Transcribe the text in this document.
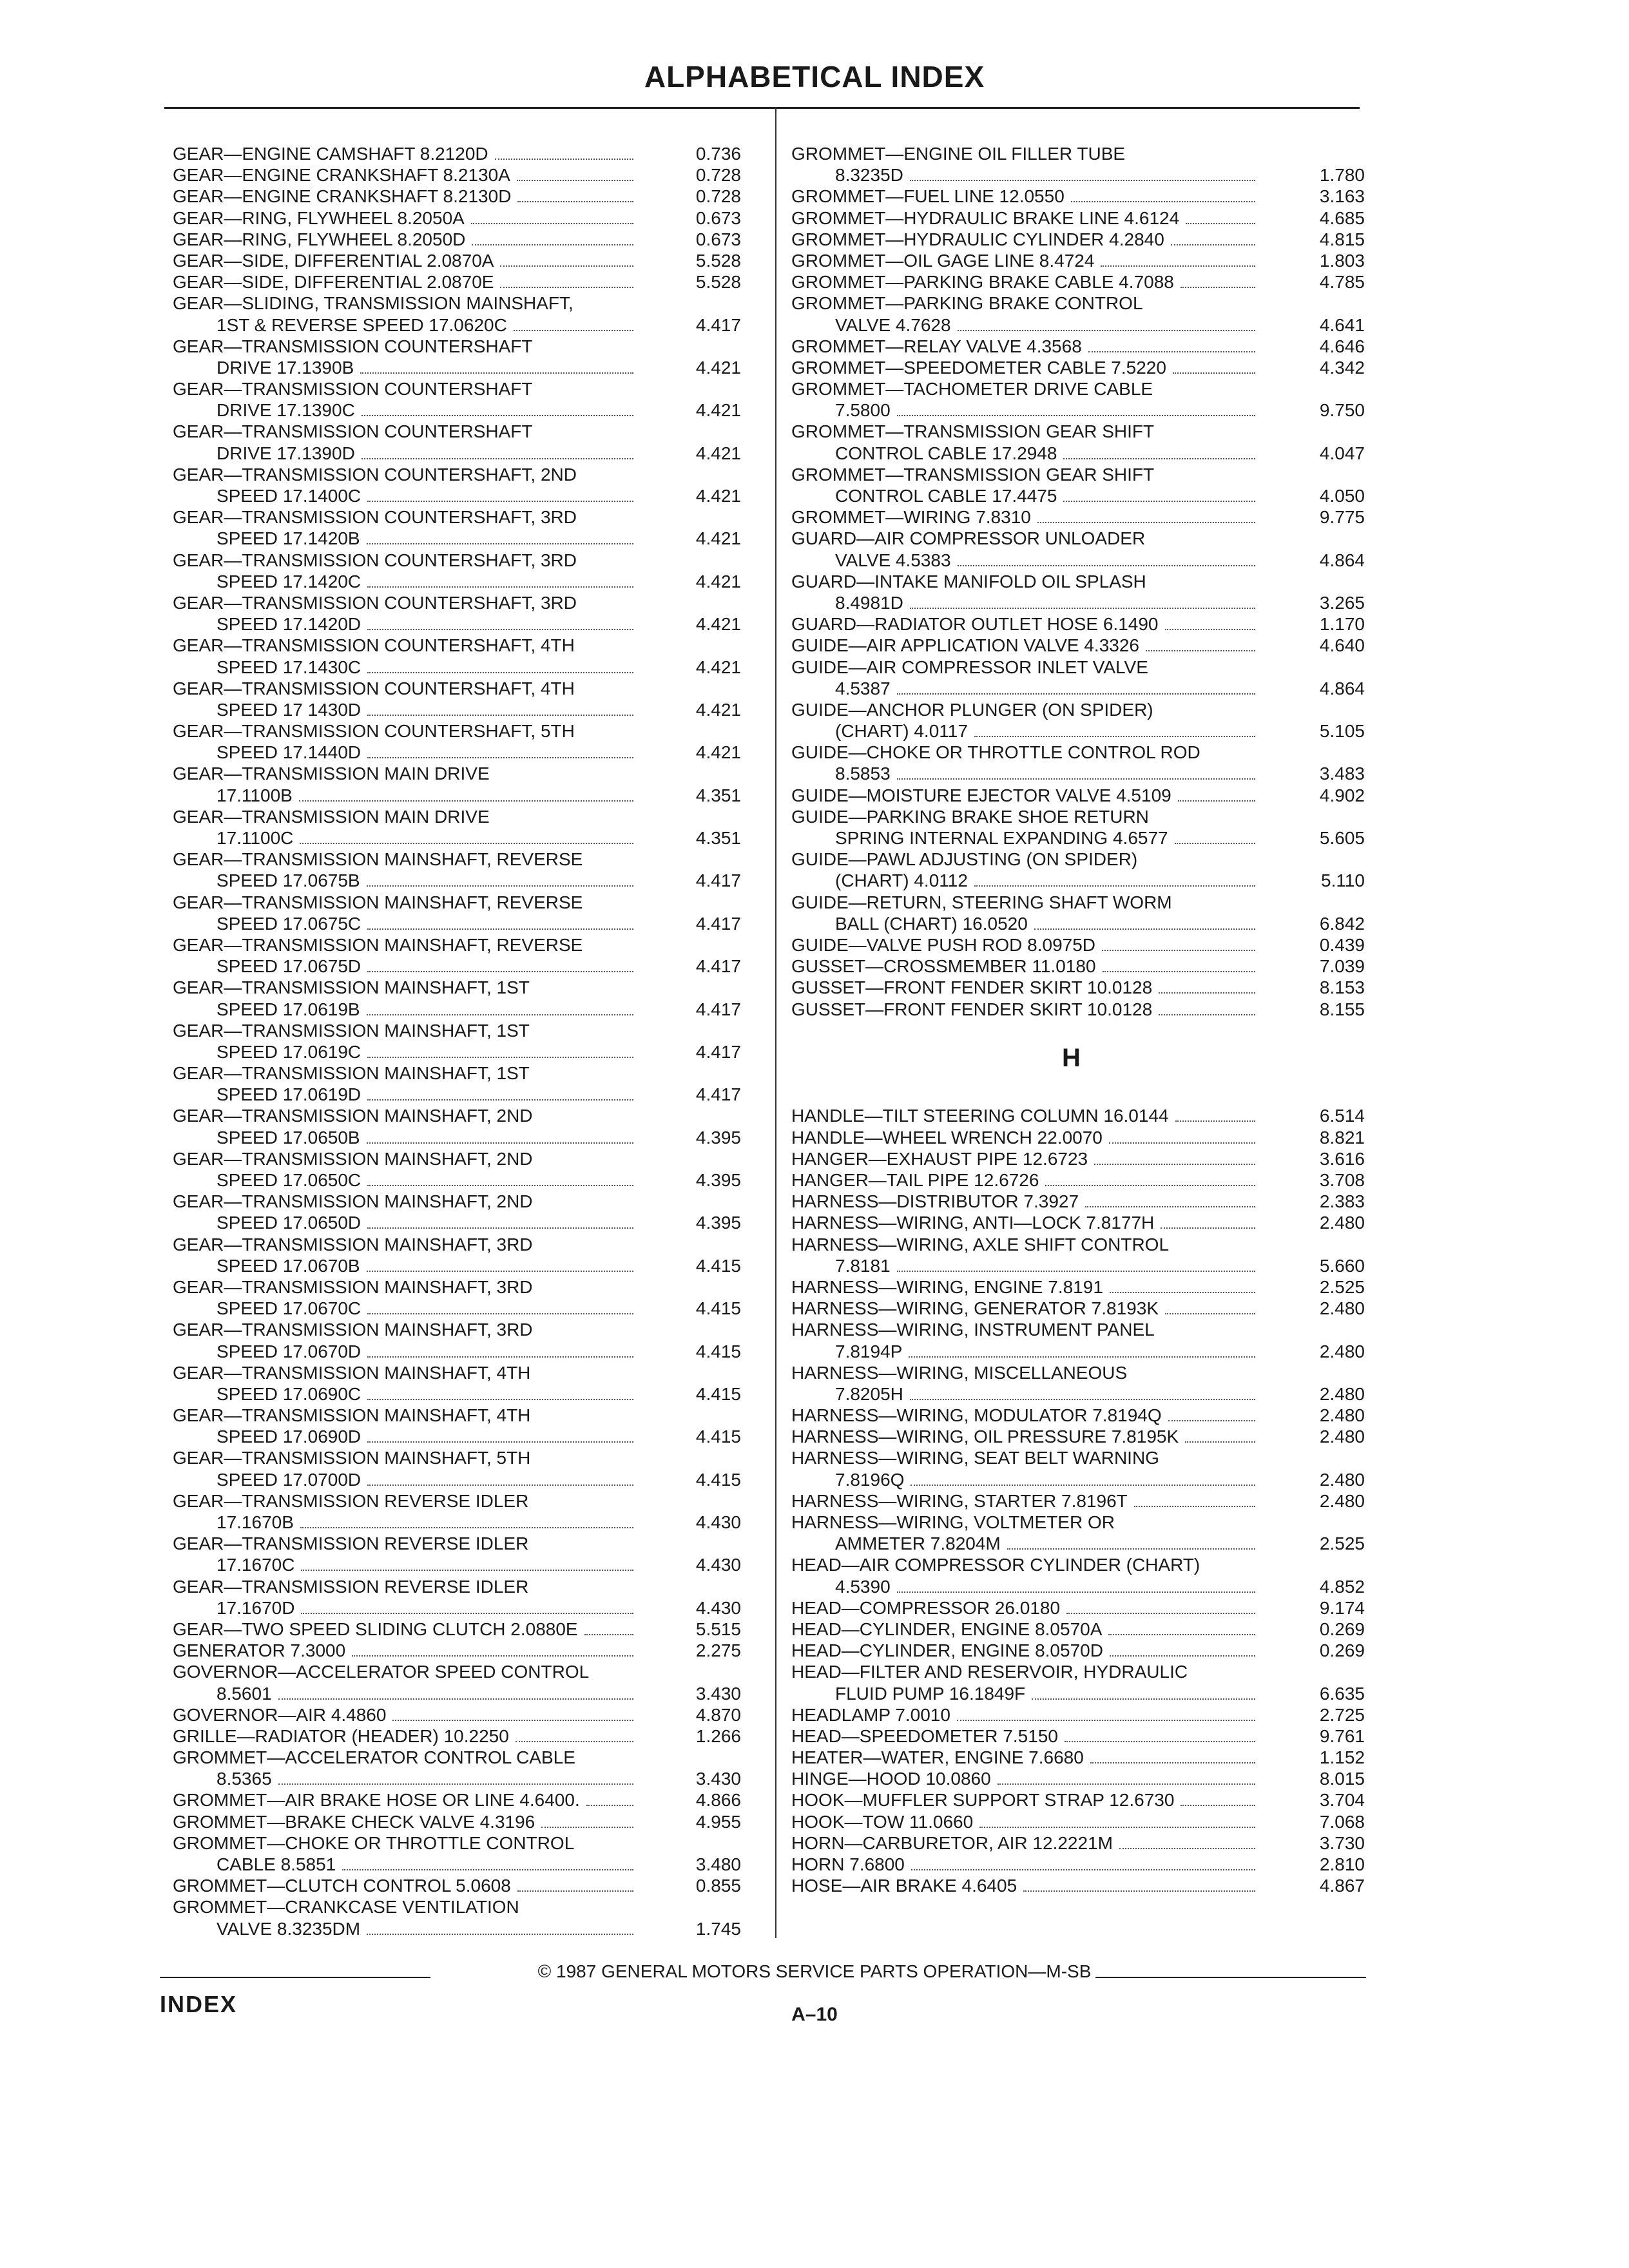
ALPHABETICAL INDEX
GEAR—ENGINE CAMSHAFT 8.2120D	0.736
GEAR—ENGINE CRANKSHAFT 8.2130A	0.728
GEAR—ENGINE CRANKSHAFT 8.2130D	0.728
GEAR—RING, FLYWHEEL 8.2050A	0.673
GEAR—RING, FLYWHEEL 8.2050D	0.673
GEAR—SIDE, DIFFERENTIAL 2.0870A	5.528
GEAR—SIDE, DIFFERENTIAL 2.0870E	5.528
GEAR—SLIDING, TRANSMISSION MAINSHAFT,
1ST & REVERSE SPEED 17.0620C	4.417
GEAR—TRANSMISSION COUNTERSHAFT
DRIVE 17.1390B	4.421
GEAR—TRANSMISSION COUNTERSHAFT
DRIVE 17.1390C	4.421
GEAR—TRANSMISSION COUNTERSHAFT
DRIVE 17.1390D	4.421
GEAR—TRANSMISSION COUNTERSHAFT, 2ND
SPEED 17.1400C	4.421
GEAR—TRANSMISSION COUNTERSHAFT, 3RD
SPEED 17.1420B	4.421
GEAR—TRANSMISSION COUNTERSHAFT, 3RD
SPEED 17.1420C	4.421
GEAR—TRANSMISSION COUNTERSHAFT, 3RD
SPEED 17.1420D	4.421
GEAR—TRANSMISSION COUNTERSHAFT, 4TH
SPEED 17.1430C	4.421
GEAR—TRANSMISSION COUNTERSHAFT, 4TH
SPEED 17 1430D	4.421
GEAR—TRANSMISSION COUNTERSHAFT, 5TH
SPEED 17.1440D	4.421
GEAR—TRANSMISSION MAIN DRIVE
17.1100B	4.351
GEAR—TRANSMISSION MAIN DRIVE
17.1100C	4.351
GEAR—TRANSMISSION MAINSHAFT, REVERSE
SPEED 17.0675B	4.417
GEAR—TRANSMISSION MAINSHAFT, REVERSE
SPEED 17.0675C	4.417
GEAR—TRANSMISSION MAINSHAFT, REVERSE
SPEED 17.0675D	4.417
GEAR—TRANSMISSION MAINSHAFT, 1ST
SPEED 17.0619B	4.417
GEAR—TRANSMISSION MAINSHAFT, 1ST
SPEED 17.0619C	4.417
GEAR—TRANSMISSION MAINSHAFT, 1ST
SPEED 17.0619D	4.417
GEAR—TRANSMISSION MAINSHAFT, 2ND
SPEED 17.0650B	4.395
GEAR—TRANSMISSION MAINSHAFT, 2ND
SPEED 17.0650C	4.395
GEAR—TRANSMISSION MAINSHAFT, 2ND
SPEED 17.0650D	4.395
GEAR—TRANSMISSION MAINSHAFT, 3RD
SPEED 17.0670B	4.415
GEAR—TRANSMISSION MAINSHAFT, 3RD
SPEED 17.0670C	4.415
GEAR—TRANSMISSION MAINSHAFT, 3RD
SPEED 17.0670D	4.415
GEAR—TRANSMISSION MAINSHAFT, 4TH
SPEED 17.0690C	4.415
GEAR—TRANSMISSION MAINSHAFT, 4TH
SPEED 17.0690D	4.415
GEAR—TRANSMISSION MAINSHAFT, 5TH
SPEED 17.0700D	4.415
GEAR—TRANSMISSION REVERSE IDLER
17.1670B	4.430
GEAR—TRANSMISSION REVERSE IDLER
17.1670C	4.430
GEAR—TRANSMISSION REVERSE IDLER
17.1670D	4.430
GEAR—TWO SPEED SLIDING CLUTCH 2.0880E	5.515
GENERATOR 7.3000	2.275
GOVERNOR—ACCELERATOR SPEED CONTROL
8.5601	3.430
GOVERNOR—AIR 4.4860	4.870
GRILLE—RADIATOR (HEADER) 10.2250	1.266
GROMMET—ACCELERATOR CONTROL CABLE
8.5365	3.430
GROMMET—AIR BRAKE HOSE OR LINE 4.6400.	4.866
GROMMET—BRAKE CHECK VALVE 4.3196	4.955
GROMMET—CHOKE OR THROTTLE CONTROL
CABLE 8.5851	3.480
GROMMET—CLUTCH CONTROL 5.0608	0.855
GROMMET—CRANKCASE VENTILATION
VALVE 8.3235DM	1.745
GROMMET—ENGINE OIL FILLER TUBE
8.3235D	1.780
GROMMET—FUEL LINE 12.0550	3.163
GROMMET—HYDRAULIC BRAKE LINE 4.6124	4.685
GROMMET—HYDRAULIC CYLINDER 4.2840	4.815
GROMMET—OIL GAGE LINE 8.4724	1.803
GROMMET—PARKING BRAKE CABLE 4.7088	4.785
GROMMET—PARKING BRAKE CONTROL
VALVE 4.7628	4.641
GROMMET—RELAY VALVE 4.3568	4.646
GROMMET—SPEEDOMETER CABLE 7.5220	4.342
GROMMET—TACHOMETER DRIVE CABLE
7.5800	9.750
GROMMET—TRANSMISSION GEAR SHIFT
CONTROL CABLE 17.2948	4.047
GROMMET—TRANSMISSION GEAR SHIFT
CONTROL CABLE 17.4475	4.050
GROMMET—WIRING 7.8310	9.775
GUARD—AIR COMPRESSOR UNLOADER
VALVE 4.5383	4.864
GUARD—INTAKE MANIFOLD OIL SPLASH
8.4981D	3.265
GUARD—RADIATOR OUTLET HOSE 6.1490	1.170
GUIDE—AIR APPLICATION VALVE 4.3326	4.640
GUIDE—AIR COMPRESSOR INLET VALVE
4.5387	4.864
GUIDE—ANCHOR PLUNGER (ON SPIDER)
(CHART) 4.0117	5.105
GUIDE—CHOKE OR THROTTLE CONTROL ROD
8.5853	3.483
GUIDE—MOISTURE EJECTOR VALVE 4.5109	4.902
GUIDE—PARKING BRAKE SHOE RETURN
SPRING INTERNAL EXPANDING 4.6577	5.605
GUIDE—PAWL ADJUSTING (ON SPIDER)
(CHART) 4.0112	5.110
GUIDE—RETURN, STEERING SHAFT WORM
BALL (CHART) 16.0520	6.842
GUIDE—VALVE PUSH ROD 8.0975D	0.439
GUSSET—CROSSMEMBER 11.0180	7.039
GUSSET—FRONT FENDER SKIRT 10.0128	8.153
GUSSET—FRONT FENDER SKIRT 10.0128	8.155
H
HANDLE—TILT STEERING COLUMN 16.0144	6.514
HANDLE—WHEEL WRENCH 22.0070	8.821
HANGER—EXHAUST PIPE 12.6723	3.616
HANGER—TAIL PIPE 12.6726	3.708
HARNESS—DISTRIBUTOR 7.3927	2.383
HARNESS—WIRING, ANTI—LOCK 7.8177H	2.480
HARNESS—WIRING, AXLE SHIFT CONTROL
7.8181	5.660
HARNESS—WIRING, ENGINE 7.8191	2.525
HARNESS—WIRING, GENERATOR 7.8193K	2.480
HARNESS—WIRING, INSTRUMENT PANEL
7.8194P	2.480
HARNESS—WIRING, MISCELLANEOUS
7.8205H	2.480
HARNESS—WIRING, MODULATOR 7.8194Q	2.480
HARNESS—WIRING, OIL PRESSURE 7.8195K	2.480
HARNESS—WIRING, SEAT BELT WARNING
7.8196Q	2.480
HARNESS—WIRING, STARTER 7.8196T	2.480
HARNESS—WIRING, VOLTMETER OR
AMMETER 7.8204M	2.525
HEAD—AIR COMPRESSOR CYLINDER (CHART)
4.5390	4.852
HEAD—COMPRESSOR 26.0180	9.174
HEAD—CYLINDER, ENGINE 8.0570A	0.269
HEAD—CYLINDER, ENGINE 8.0570D	0.269
HEAD—FILTER AND RESERVOIR, HYDRAULIC
FLUID PUMP 16.1849F	6.635
HEADLAMP 7.0010	2.725
HEAD—SPEEDOMETER 7.5150	9.761
HEATER—WATER, ENGINE 7.6680	1.152
HINGE—HOOD 10.0860	8.015
HOOK—MUFFLER SUPPORT STRAP 12.6730	3.704
HOOK—TOW 11.0660	7.068
HORN—CARBURETOR, AIR 12.2221M	3.730
HORN 7.6800	2.810
HOSE—AIR BRAKE 4.6405	4.867
© 1987 GENERAL MOTORS SERVICE PARTS OPERATION—M-SB
INDEX	A–10
